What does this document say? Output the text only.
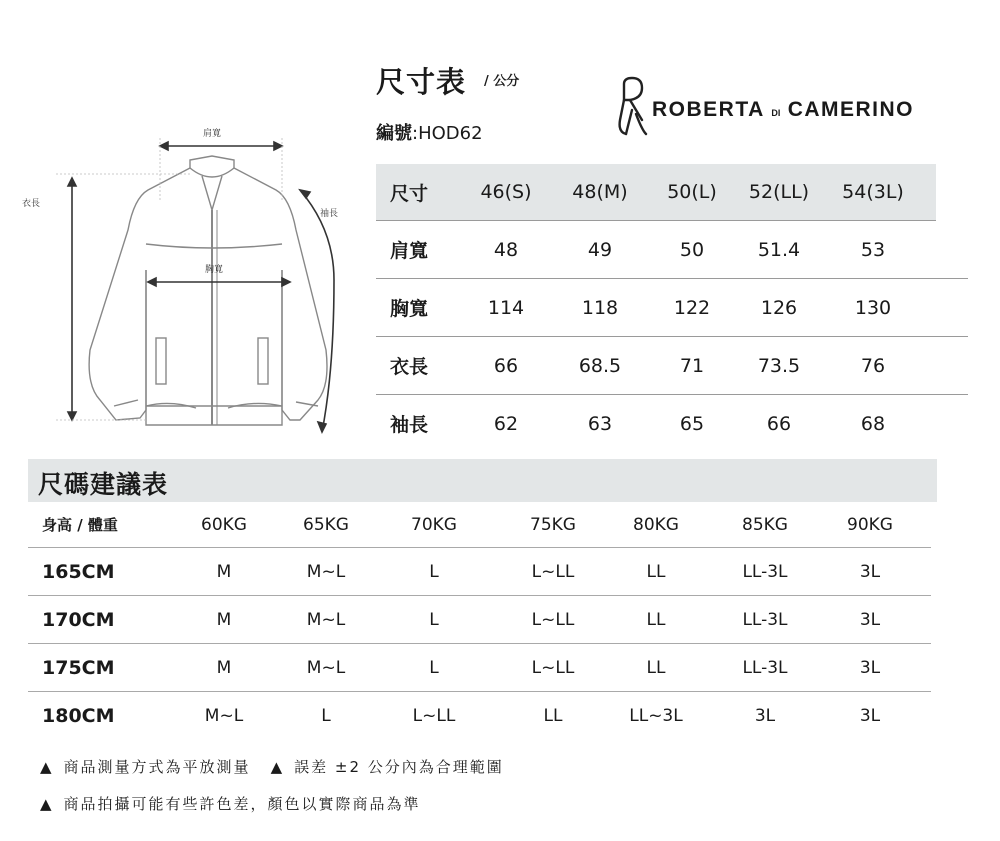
肩寬
胸寬
衣長
袖長
尺寸表 / 公分
編號:HOD62
ROBERTA DI CAMERINO
尺寸	46(S)	48(M)	50(L)	52(LL)	54(3L)
肩寬	48	49	50	51.4	53
胸寬	114	118	122	126	130
衣長	66	68.5	71	73.5	76
袖長	62	63	65	66	68
尺碼建議表
身高 / 體重	60KG	65KG	70KG	75KG	80KG	85KG	90KG
165CM	M	M~L	L	L~LL	LL	LL-3L	3L
170CM	M	M~L	L	L~LL	LL	LL-3L	3L
175CM	M	M~L	L	L~LL	LL	LL-3L	3L
180CM	M~L	L	L~LL	LL	LL~3L	3L	3L
▲ 商品測量方式為平放測量 ▲ 誤差 ±2 公分內為合理範圍
▲ 商品拍攝可能有些許色差，顏色以實際商品為準
